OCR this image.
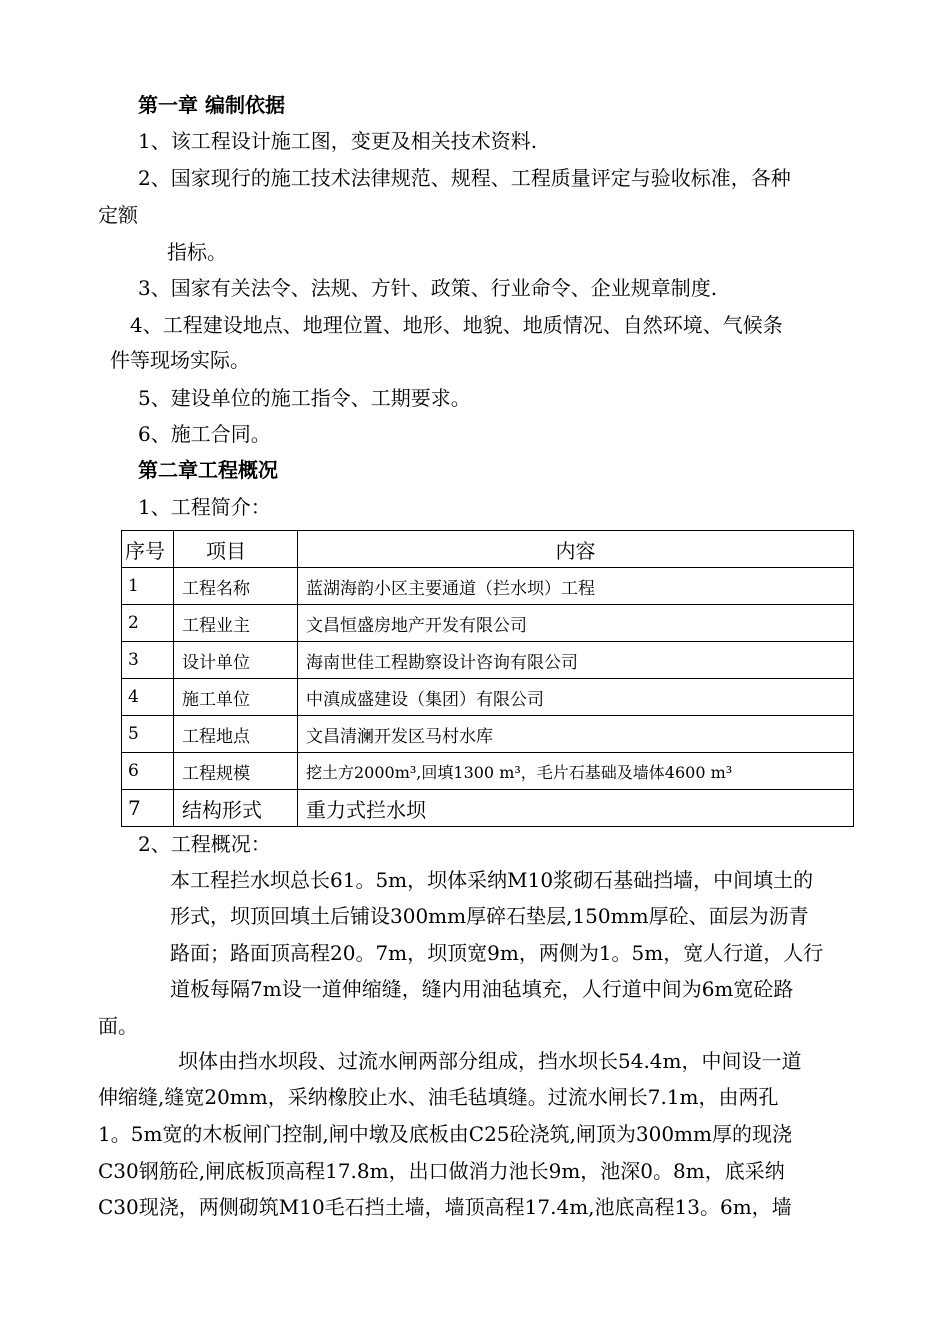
第一章 编制依据
1、该工程设计施工图，变更及相关技术资料.
2、国家现行的施工技术法律规范、规程、工程质量评定与验收标准，各种
定额
指标。
3、国家有关法令、法规、方针、政策、行业命令、企业规章制度.
4、工程建设地点、地理位置、地形、地貌、地质情况、自然环境、气候条
件等现场实际。
5、建设单位的施工指令、工期要求。
6、施工合同。
第二章工程概况
1、工程简介：
序号	项目	内容
1	工程名称	蓝湖海韵小区主要通道（拦水坝）工程
2	工程业主	文昌恒盛房地产开发有限公司
3	设计单位	海南世佳工程勘察设计咨询有限公司
4	施工单位	中滇成盛建设（集团）有限公司
5	工程地点	文昌清澜开发区马村水库
6	工程规模	挖土方2000m³,回填1300 m³，毛片石基础及墙体4600 m³
7	结构形式	重力式拦水坝
2、工程概况：
本工程拦水坝总长61。5m，坝体采纳M10浆砌石基础挡墙，中间填土的
形式，坝顶回填土后铺设300mm厚碎石垫层,150mm厚砼、面层为沥青
路面；路面顶高程20。7m，坝顶宽9m，两侧为1。5m，宽人行道，人行
道板每隔7m设一道伸缩缝，缝内用油毡填充，人行道中间为6m宽砼路
面。
坝体由挡水坝段、过流水闸两部分组成，挡水坝长54.4m，中间设一道
伸缩缝,缝宽20mm，采纳橡胶止水、油毛毡填缝。过流水闸长7.1m，由两孔
1。5m宽的木板闸门控制,闸中墩及底板由C25砼浇筑,闸顶为300mm厚的现浇
C30钢筋砼,闸底板顶高程17.8m，出口做消力池长9m，池深0。8m，底采纳
C30现浇，两侧砌筑M10毛石挡土墙，墙顶高程17.4m,池底高程13。6m，墙
